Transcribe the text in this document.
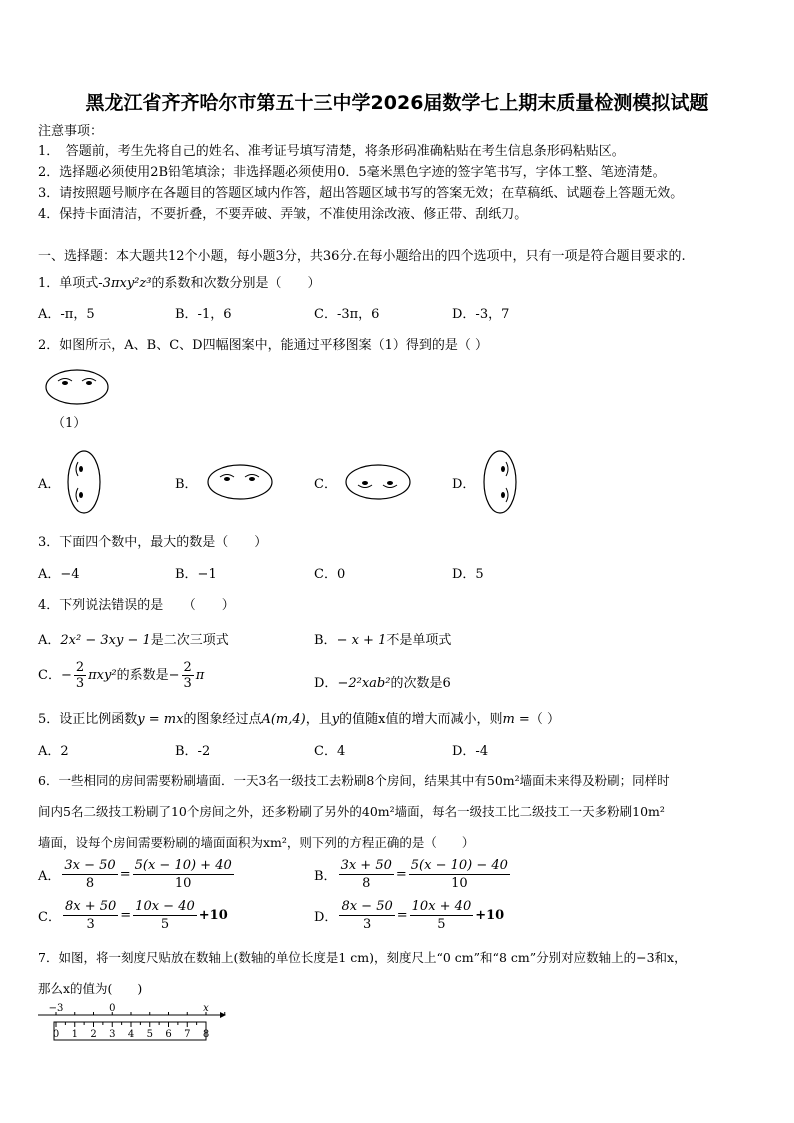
黑龙江省齐齐哈尔市第五十三中学2026届数学七上期末质量检测模拟试题
注意事项：
1．　答题前，考生先将自己的姓名、准考证号填写清楚，将条形码准确粘贴在考生信息条形码粘贴区。
2．选择题必须使用2B铅笔填涂；非选择题必须使用0．5毫米黑色字迹的签字笔书写，字体工整、笔迹清楚。
3．请按照题号顺序在各题目的答题区域内作答，超出答题区域书写的答案无效；在草稿纸、试题卷上答题无效。
4．保持卡面清洁，不要折叠，不要弄破、弄皱，不准使用涂改液、修正带、刮纸刀。
一、选择题：本大题共12个小题，每小题3分，共36分.在每小题给出的四个选项中，只有一项是符合题目要求的.
1．单项式-3πxy²z³的系数和次数分别是（　　）
A．-π，5	B．-1，6	C．-3π，6	D．-3，7
2．如图所示，A、B、C、D四幅图案中，能通过平移图案（1）得到的是（ ）
（1）
A．	B．	C．	D．
3．下面四个数中，最大的数是（　　）
A．−4	B．−1	C．0	D．5
4．下列说法错误的是　　（　　）
A．2x² − 3xy − 1是二次三项式	B．− x + 1不是单项式
C．− $\frac{2}{3} \pi xy^2$的系数是− $\frac{2}{3}$ π
D．−2²xab²的次数是6
5．设正比例函数y = mx的图象经过点A(m,4)，且y的值随x值的增大而减小，则m =（ ）
A．2	B．-2	C．4	D．-4
6．一些相同的房间需要粉刷墙面．一天3名一级技工去粉刷8个房间，结果其中有50m²墙面未来得及粉刷；同样时
间内5名二级技工粉刷了10个房间之外，还多粉刷了另外的40m²墙面，每名一级技工比二级技工一天多粉刷10m²
墙面，设每个房间需要粉刷的墙面面积为xm²，则下列的方程正确的是（　　）
A． $\frac{3x - 50}{8} = \frac{5(x - 10) + 40}{10}$	B． $\frac{3x + 50}{8} = \frac{5(x - 10) - 40}{10}$
C． $\frac{8x + 50}{3} = \frac{10x - 40}{5} +10$	D． $\frac{8x - 50}{3} = \frac{10x + 40}{5} +10$
7．如图，将一刻度尺贴放在数轴上(数轴的单位长度是1 cm)，刻度尺上“0 cm”和“8 cm”分别对应数轴上的−3和x，
那么x的值为(　　)
−3	0	x
0 1 2 3 4 5 6 7 8
